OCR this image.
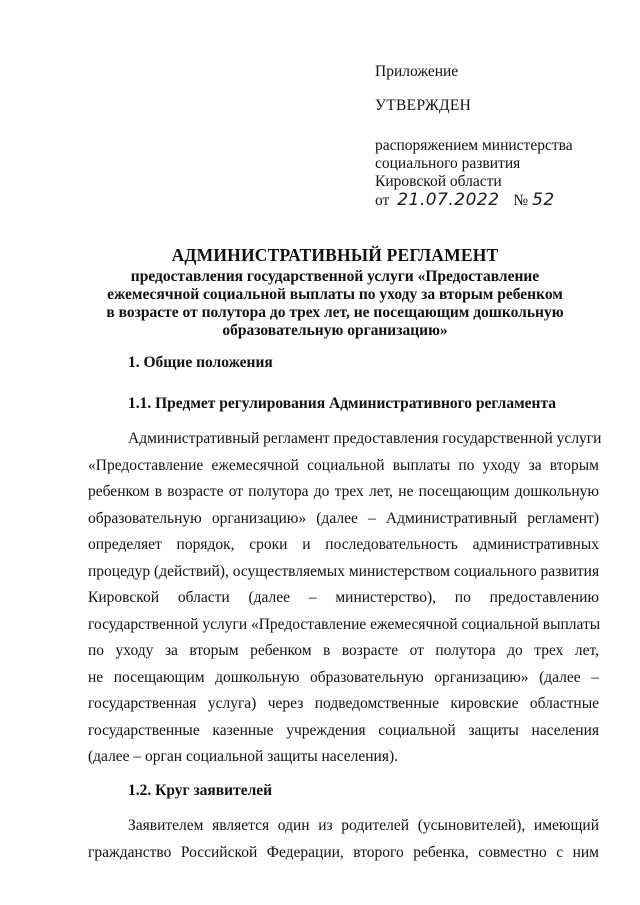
Приложение
УТВЕРЖДЕН
распоряжением министерства
социального развития
Кировской области
от 21.07.2022 № 52
АДМИНИСТРАТИВНЫЙ РЕГЛАМЕНТ
предоставления государственной услуги «Предоставление
ежемесячной социальной выплаты по уходу за вторым ребенком
в возрасте от полутора до трех лет, не посещающим дошкольную
образовательную организацию»
1. Общие положения
1.1. Предмет регулирования Административного регламента
Административный регламент предоставления государственной услуги
«Предоставление ежемесячной социальной выплаты по уходу за вторым
ребенком в возрасте от полутора до трех лет, не посещающим дошкольную
образовательную организацию» (далее – Административный регламент)
определяет порядок, сроки и последовательность административных
процедур (действий), осуществляемых министерством социального развития
Кировской области (далее – министерство), по предоставлению
государственной услуги «Предоставление ежемесячной социальной выплаты
по уходу за вторым ребенком в возрасте от полутора до трех лет,
не посещающим дошкольную образовательную организацию» (далее –
государственная услуга) через подведомственные кировские областные
государственные казенные учреждения социальной защиты населения
(далее – орган социальной защиты населения).
1.2. Круг заявителей
Заявителем является один из родителей (усыновителей), имеющий
гражданство Российской Федерации, второго ребенка, совместно с ним
